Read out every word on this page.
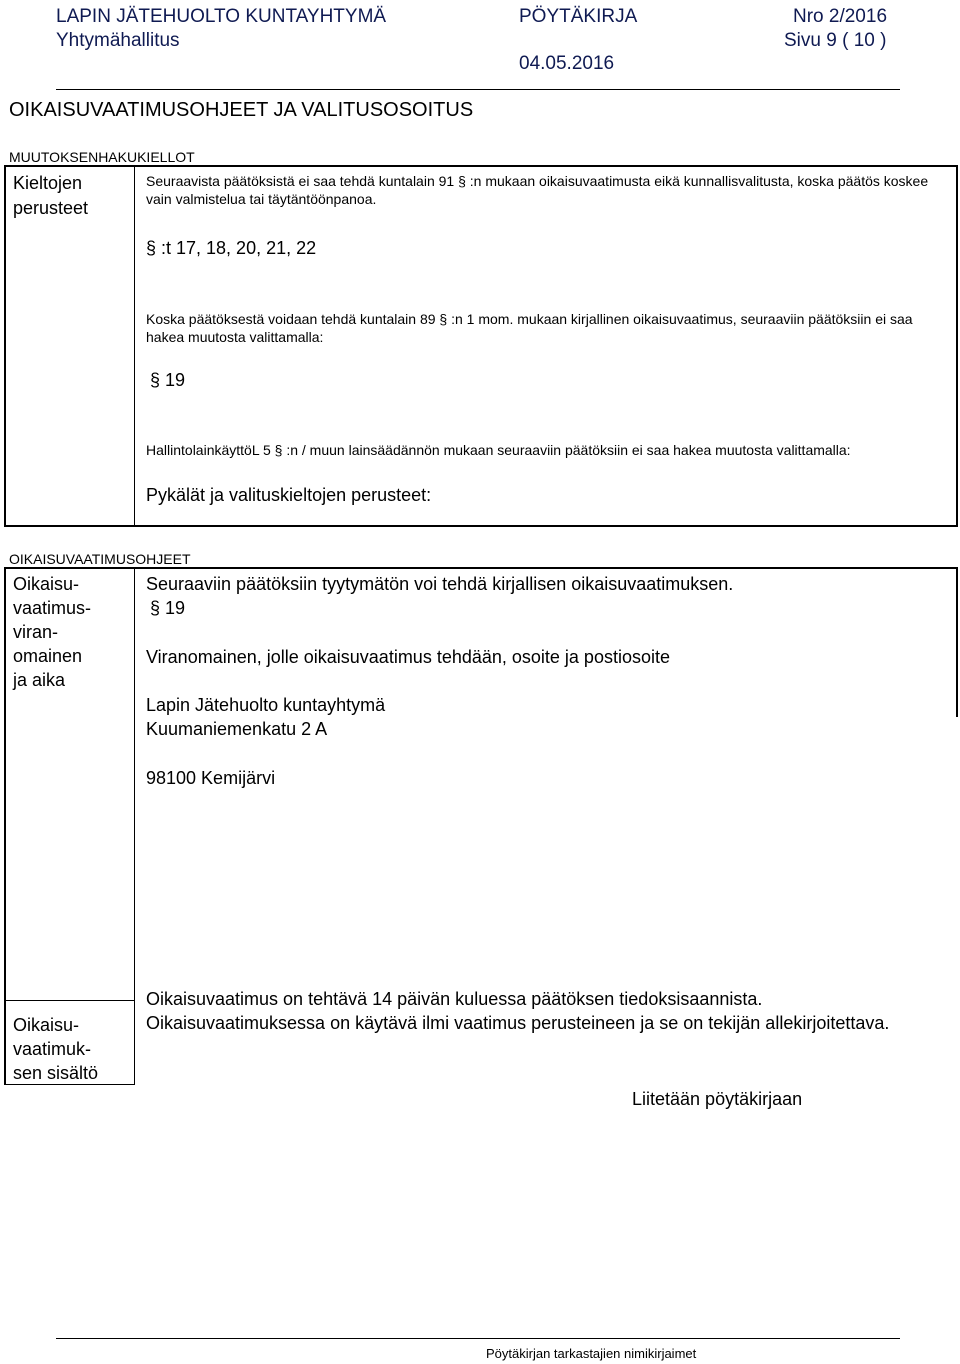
LAPIN JÄTEHUOLTO KUNTAYHTYMÄ
Yhtymähallitus
PÖYTÄKIRJA
04.05.2016
Nro 2/2016
Sivu 9 ( 10 )
OIKAISUVAATIMUSOHJEET JA VALITUSOSOITUS
MUUTOKSENHAKUKIELLOT
Kieltojen
perusteet
Seuraavista päätöksistä ei saa tehdä kuntalain 91 § :n mukaan oikaisuvaatimusta eikä kunnallisvalitusta, koska päätös koskee vain valmistelua tai täytäntöönpanoa.
§ :t 17, 18, 20, 21, 22
Koska päätöksestä voidaan tehdä kuntalain 89 § :n 1 mom. mukaan kirjallinen oikaisuvaatimus, seuraaviin päätöksiin ei saa hakea muutosta valittamalla:
§ 19
HallintolainkäyttöL 5 § :n / muun lainsäädännön mukaan seuraaviin päätöksiin ei saa hakea muutosta valittamalla:
Pykälät ja valituskieltojen perusteet:
OIKAISUVAATIMUSOHJEET
Oikaisu-
vaatimus-
viran-
omainen
ja aika
Seuraaviin päätöksiin tyytymätön voi tehdä kirjallisen oikaisuvaatimuksen.
§ 19
Viranomainen, jolle oikaisuvaatimus tehdään, osoite ja postiosoite
Lapin Jätehuolto kuntayhtymä
Kuumaniemenkatu 2 A
98100 Kemijärvi
Oikaisu-
vaatimuk-
sen sisältö
Oikaisuvaatimus on tehtävä 14 päivän kuluessa päätöksen tiedoksisaannista.
Oikaisuvaatimuksessa on käytävä ilmi vaatimus perusteineen ja se on tekijän allekirjoitettava.
Liitetään pöytäkirjaan
Pöytäkirjan tarkastajien nimikirjaimet
